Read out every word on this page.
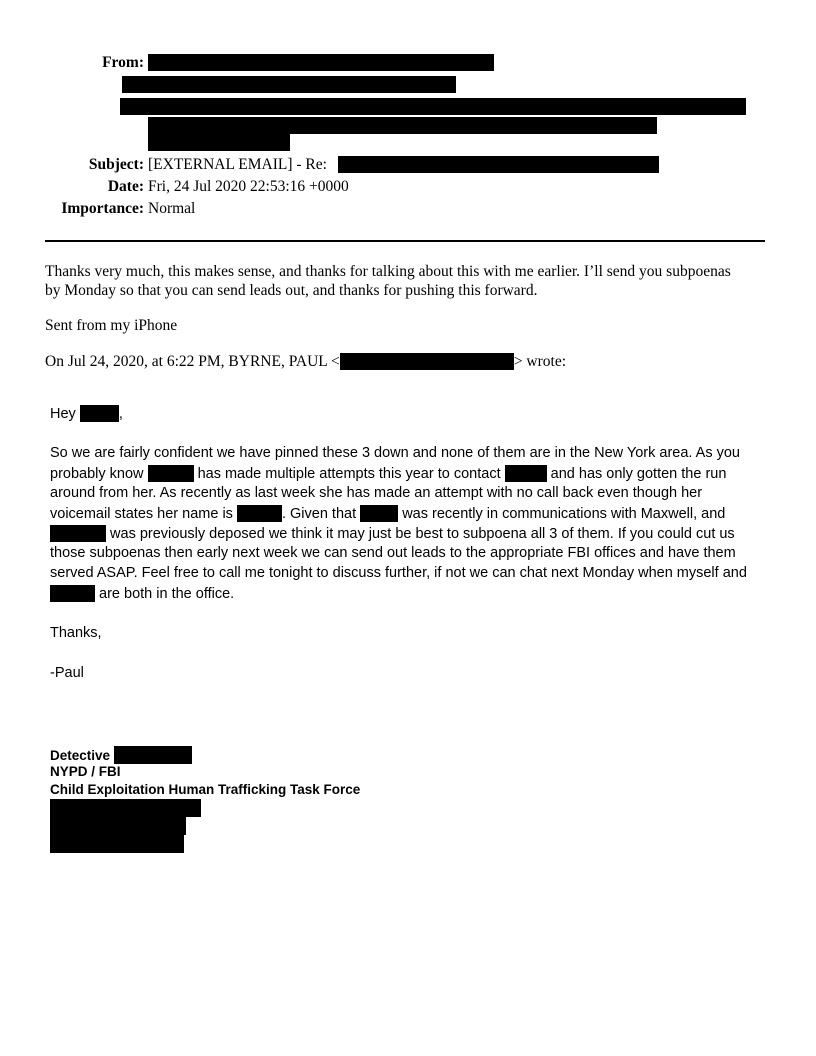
From:
Subject: [EXTERNAL EMAIL] - Re:
Date: Fri, 24 Jul 2020 22:53:16 +0000
Importance: Normal
Thanks very much, this makes sense, and thanks for talking about this with me earlier. I’ll send you subpoenas
by Monday so that you can send leads out, and thanks for pushing this forward.
Sent from my iPhone
On Jul 24, 2020, at 6:22 PM, BYRNE, PAUL <	> wrote:
Hey	,
So we are fairly confident we have pinned these 3 down and none of them are in the New York area. As you
probably know	has made multiple attempts this year to contact	and has only gotten the run
around from her. As recently as last week she has made an attempt with no call back even though her
voicemail states her name is	. Given that	was recently in communications with Maxwell, and
was previously deposed we think it may just be best to subpoena all 3 of them. If you could cut us
those subpoenas then early next week we can send out leads to the appropriate FBI offices and have them
served ASAP. Feel free to call me tonight to discuss further, if not we can chat next Monday when myself and
are both in the office.
Thanks,
-Paul
Detective
NYPD / FBI
Child Exploitation Human Trafficking Task Force
